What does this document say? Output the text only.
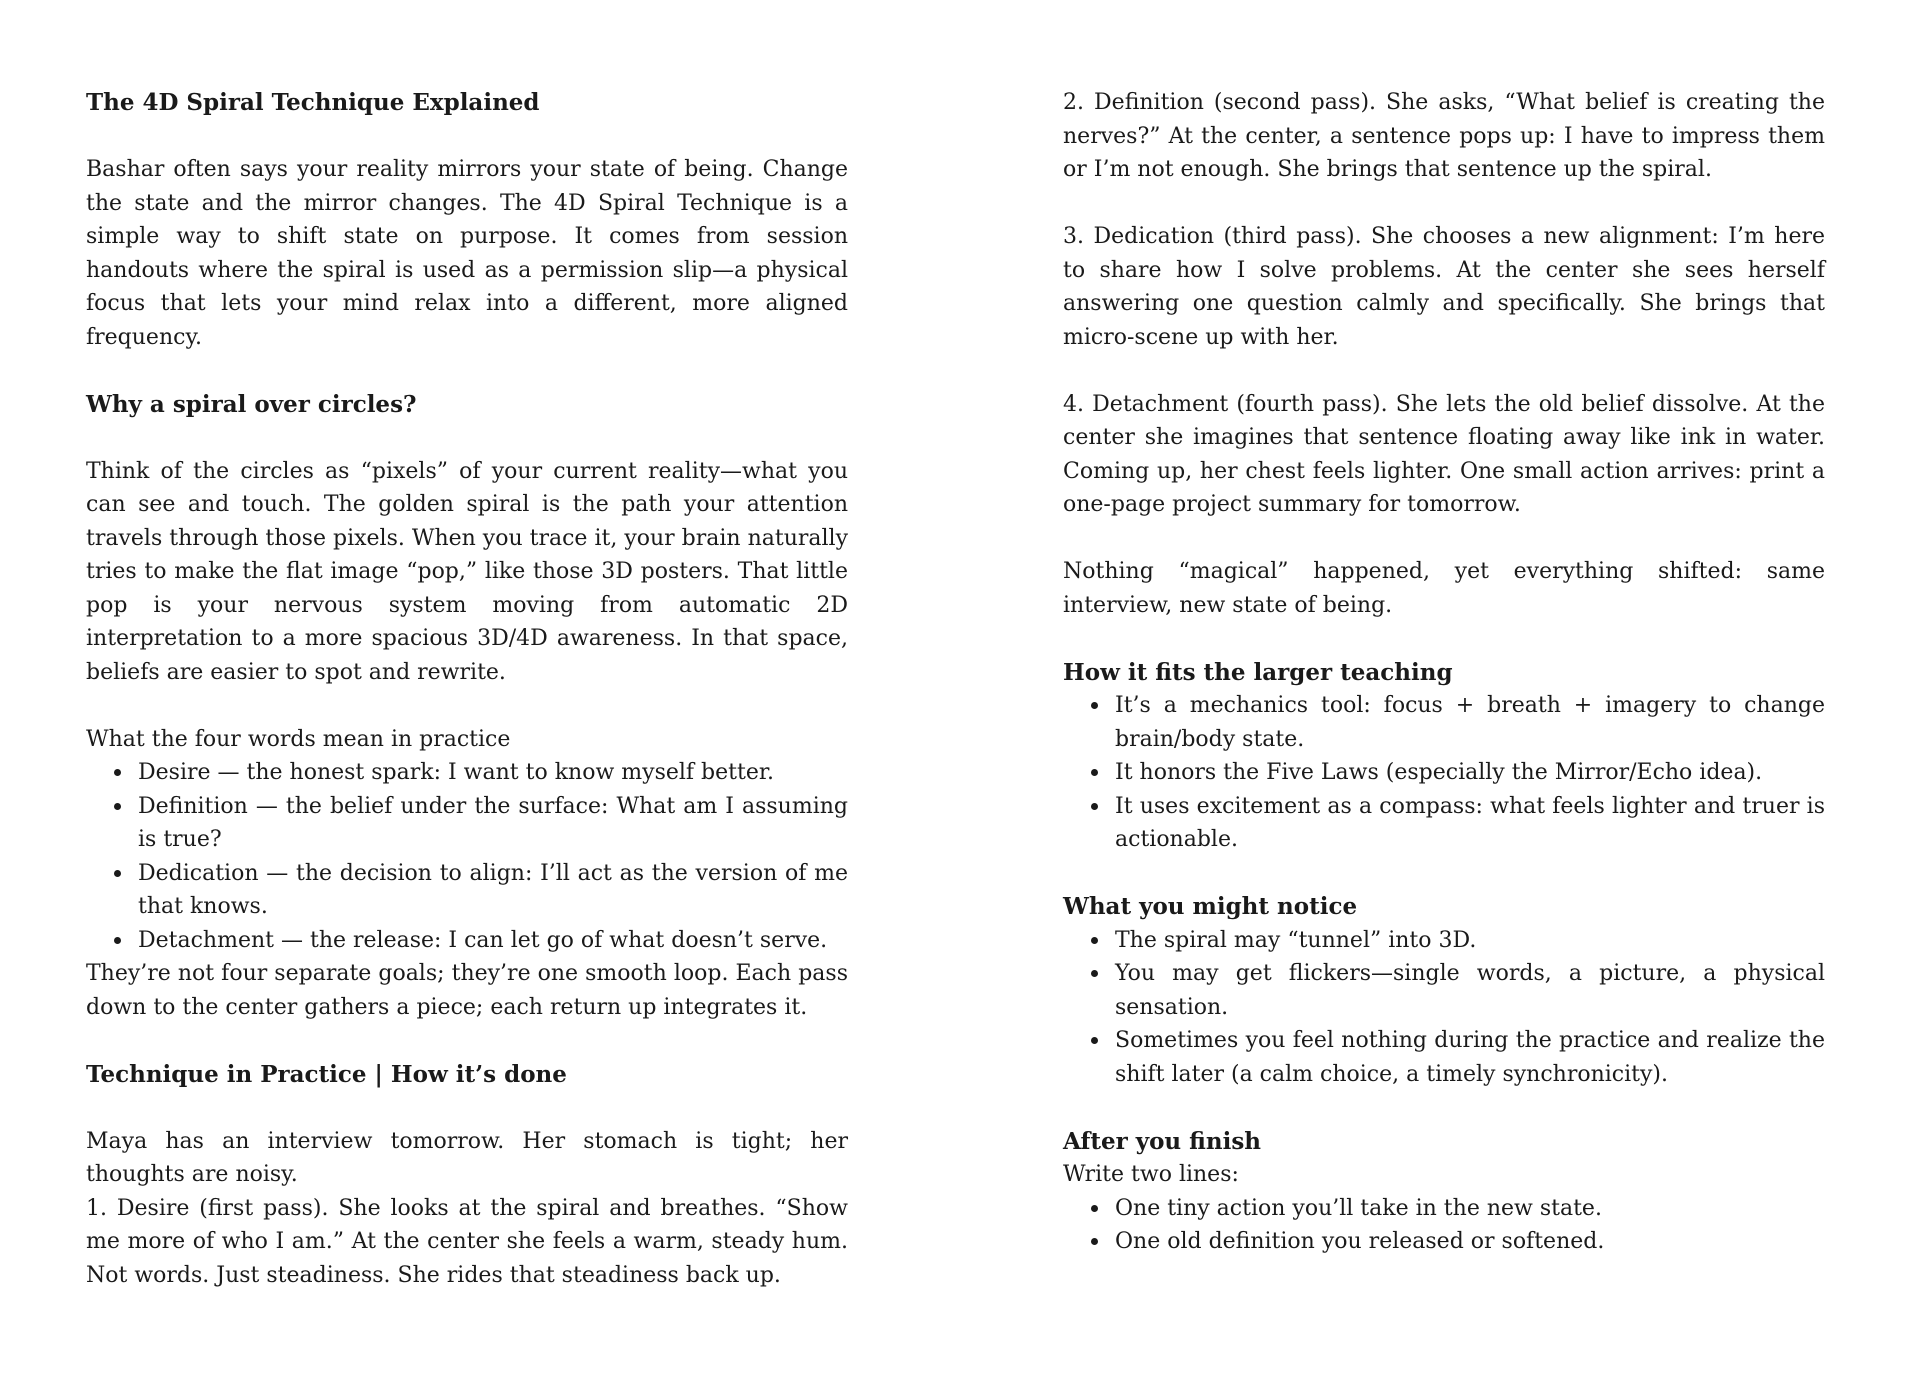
The 4D Spiral Technique Explained

Bashar often says your reality mirrors your state of being. Change the state and the mirror changes. The 4D Spiral Technique is a simple way to shift state on purpose. It comes from session handouts where the spiral is used as a permission slip—a physical focus that lets your mind relax into a different, more aligned frequency.

Why a spiral over circles?

Think of the circles as “pixels” of your current reality—what you can see and touch. The golden spiral is the path your attention travels through those pixels. When you trace it, your brain naturally tries to make the flat image “pop,” like those 3D posters. That little pop is your nervous system moving from automatic 2D interpretation to a more spacious 3D/4D awareness. In that space, beliefs are easier to spot and rewrite.

What the four words mean in practice

Desire — the honest spark: I want to know myself better.
Definition — the belief under the surface: What am I assuming is true?
Dedication — the decision to align: I’ll act as the version of me that knows.
Detachment — the release: I can let go of what doesn’t serve.

They’re not four separate goals; they’re one smooth loop. Each pass down to the center gathers a piece; each return up integrates it.

Technique in Practice | How it’s done

Maya has an interview tomorrow. Her stomach is tight; her thoughts are noisy.

1. Desire (first pass). She looks at the spiral and breathes. “Show me more of who I am.” At the center she feels a warm, steady hum. Not words. Just steadiness. She rides that steadiness back up.

2. Definition (second pass). She asks, “What belief is creating the nerves?” At the center, a sentence pops up: I have to impress them or I’m not enough. She brings that sentence up the spiral.

3. Dedication (third pass). She chooses a new alignment: I’m here to share how I solve problems. At the center she sees herself answering one question calmly and specifically. She brings that micro-scene up with her.

4. Detachment (fourth pass). She lets the old belief dissolve. At the center she imagines that sentence floating away like ink in water. Coming up, her chest feels lighter. One small action arrives: print a one-page project summary for tomorrow.

Nothing “magical” happened, yet everything shifted: same interview, new state of being.

How it fits the larger teaching
It’s a mechanics tool: focus + breath + imagery to change brain/body state.
It honors the Five Laws (especially the Mirror/Echo idea).
It uses excitement as a compass: what feels lighter and truer is actionable.
What you might notice
The spiral may “tunnel” into 3D.
You may get flickers—single words, a picture, a physical sensation.
Sometimes you feel nothing during the practice and realize the shift later (a calm choice, a timely synchronicity).
After you finish

Write two lines:

One tiny action you’ll take in the new state.
One old definition you released or softened.
